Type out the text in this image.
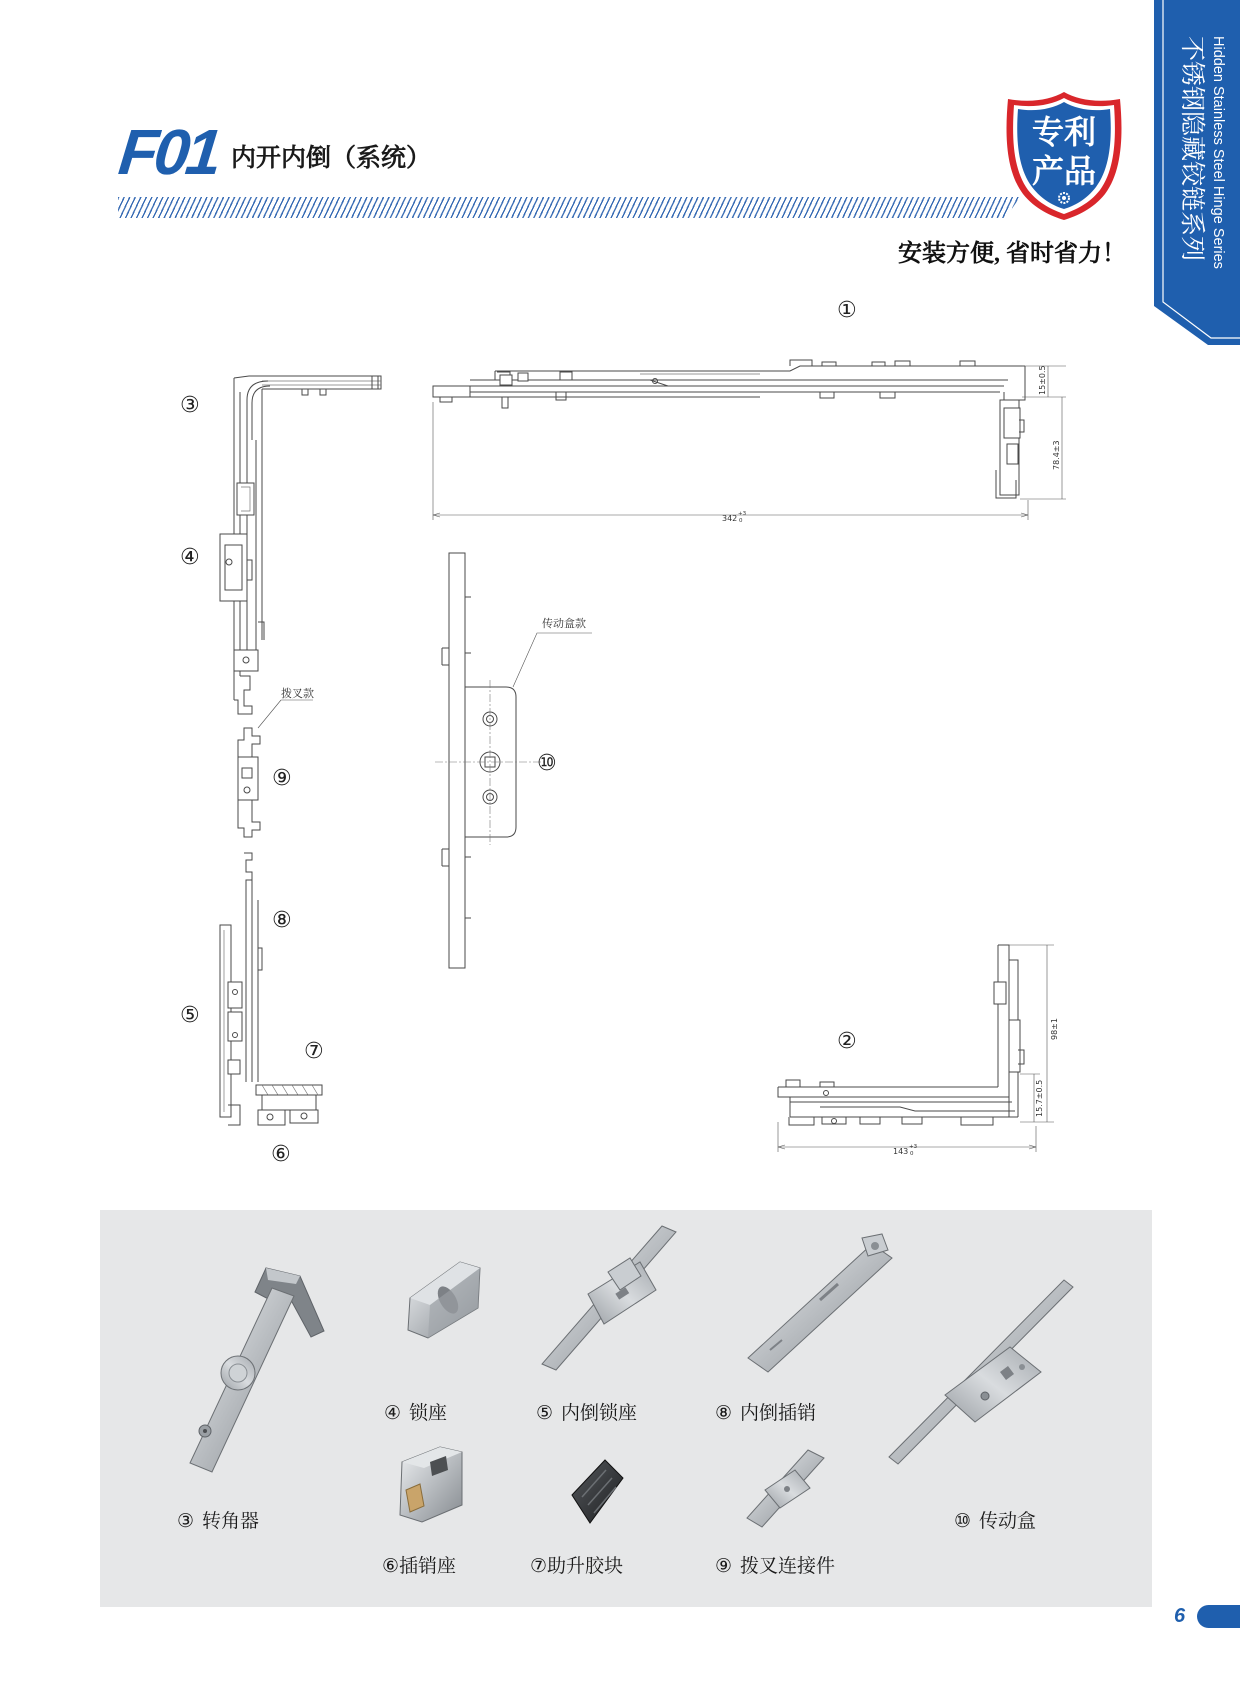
不锈钢隐藏铰链系列 Hidden Stainless Steel Hinge Series
F01 内开内倒（系统）
专利
产品
安装方便, 省时省力！
342 +3
0
15±0.5
78.4±3
98±1
15.7±0.5
143 +3
0
①
③
④
⑨
⑧
⑤
⑦
⑥
⑩
②
拨叉款
传动盒款
③ 转角器
④ 锁座	⑤ 内倒锁座	⑧ 内倒插销
⑥插销座	⑦助升胶块	⑨ 拨叉连接件
⑩ 传动盒
6
